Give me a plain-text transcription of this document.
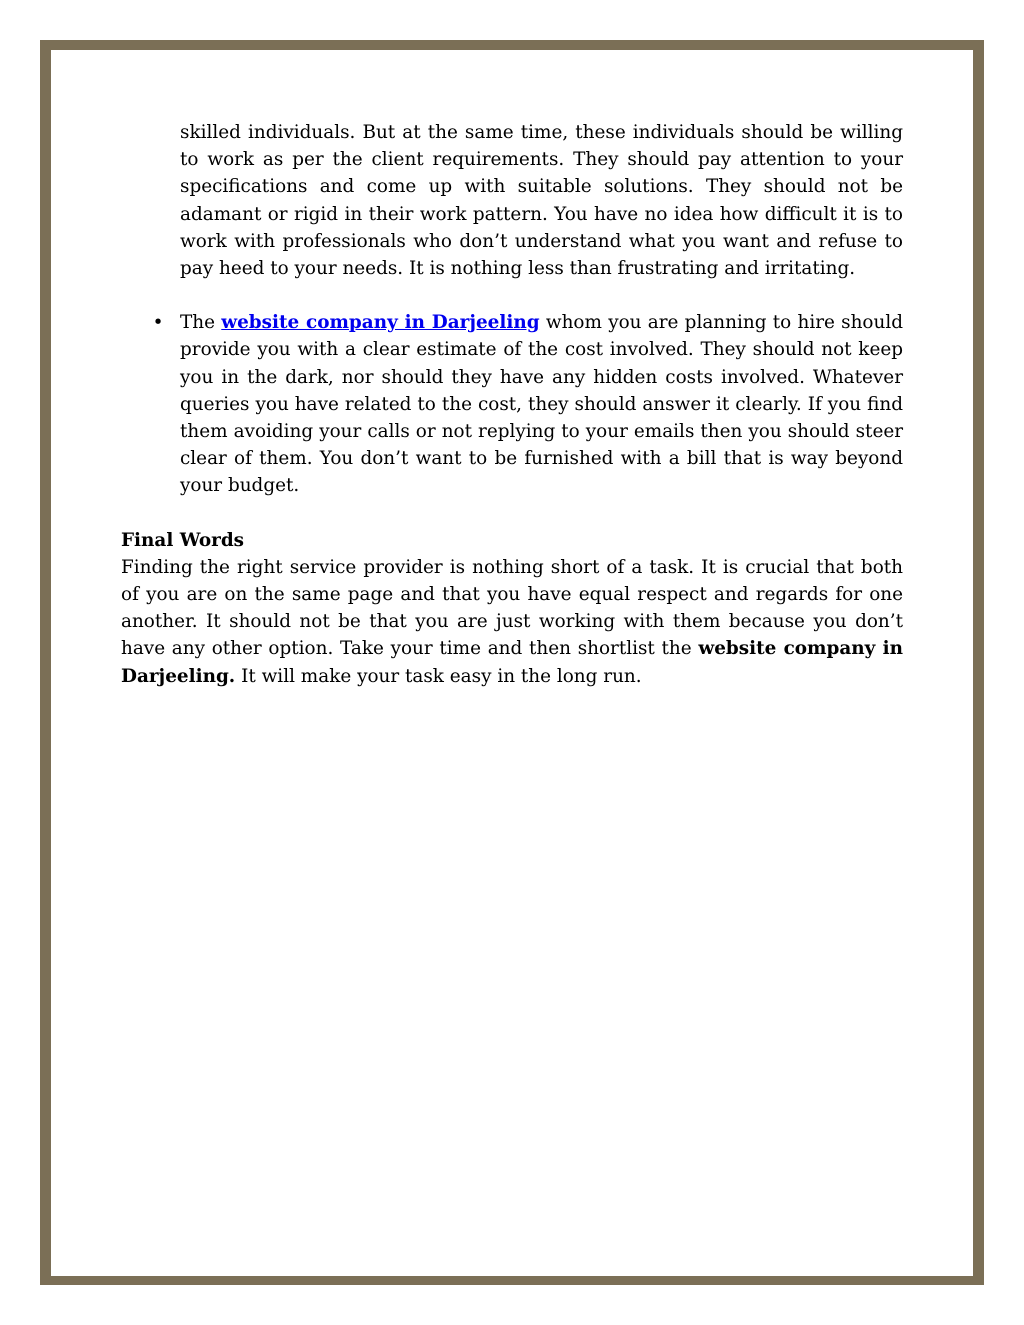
skilled individuals. But at the same time, these individuals should be willing to work as per the client requirements. They should pay attention to your specifications and come up with suitable solutions. They should not be adamant or rigid in their work pattern. You have no idea how difficult it is to work with professionals who don’t understand what you want and refuse to pay heed to your needs. It is nothing less than frustrating and irritating.

• The website company in Darjeeling whom you are planning to hire should provide you with a clear estimate of the cost involved. They should not keep you in the dark, nor should they have any hidden costs involved. Whatever queries you have related to the cost, they should answer it clearly. If you find them avoiding your calls or not replying to your emails then you should steer clear of them. You don’t want to be furnished with a bill that is way beyond your budget.

Final Words

Finding the right service provider is nothing short of a task. It is crucial that both of you are on the same page and that you have equal respect and regards for one another. It should not be that you are just working with them because you don’t have any other option. Take your time and then shortlist the website company in Darjeeling. It will make your task easy in the long run.
